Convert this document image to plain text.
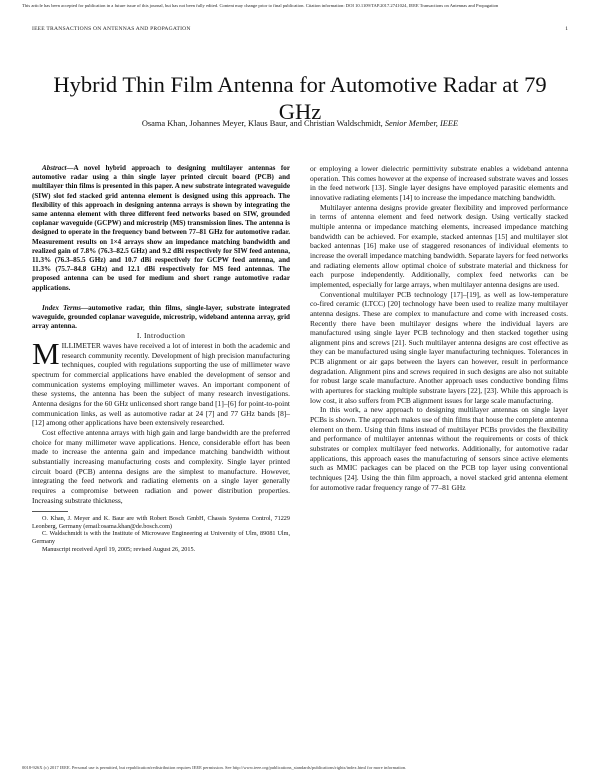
This article has been accepted for publication in a future issue of this journal, but has not been fully edited. Content may change prior to final publication. Citation information: DOI 10.1109/TAP.2017.2741024, IEEE Transactions on Antennas and Propagation
IEEE TRANSACTIONS ON ANTENNAS AND PROPAGATION	1
Hybrid Thin Film Antenna for Automotive Radar at 79 GHz
Osama Khan, Johannes Meyer, Klaus Baur, and Christian Waldschmidt, Senior Member, IEEE

Abstract—A novel hybrid approach to designing multilayer antennas for automotive radar using a thin single layer printed circuit board (PCB) and multilayer thin films is presented in this paper. A new substrate integrated waveguide (SIW) slot fed stacked grid antenna element is designed using this approach. The flexibility of this approach in designing antenna arrays is shown by integrating the same antenna element with three different feed networks based on SIW, grounded coplanar waveguide (GCPW) and microstrip (MS) transmission lines. The antenna is designed to operate in the frequency band between 77–81 GHz for automotive radar. Measurement results on 1×4 arrays show an impedance matching bandwidth and realized gain of 7.8% (76.3–82.5 GHz) and 9.2 dBi respectively for SIW feed antenna, 11.3% (76.3–85.5 GHz) and 10.7 dBi respectively for GCPW feed antenna, and 11.3% (75.7–84.8 GHz) and 12.1 dBi respectively for MS feed antennas. The proposed antenna can be used for medium and short range automotive radar applications.

Index Terms—automotive radar, thin films, single-layer, substrate integrated waveguide, grounded coplanar waveguide, microstrip, wideband antenna array, grid array antenna.

I. Introduction

MILLIMETER waves have received a lot of interest in both the academic and research community recently. Development of high precision manufacturing techniques, coupled with regulations supporting the use of millimeter wave spectrum for commercial applications have enabled the development of sensor and communication systems employing millimeter waves. An important component of these systems, the antenna has been the subject of many research investigations. Antenna designs for the 60 GHz unlicensed short range band [1]–[6] for point-to-point communication links, as well as automotive radar at 24 [7] and 77 GHz bands [8]–[12] among other applications have been extensively researched.

Cost effective antenna arrays with high gain and large bandwidth are the preferred choice for many millimeter wave applications. Hence, considerable effort has been made to increase the antenna gain and impedance matching bandwidth without substantially increasing manufacturing costs and complexity. Single layer printed circuit board (PCB) antenna designs are the simplest to manufacture. However, integrating the feed network and radiating elements on a single layer generally requires a compromise between radiation and power distribution properties. Increasing substrate thickness,

O. Khan, J. Meyer and K. Baur are with Robert Bosch GmbH, Chassis Systems Control, 71229 Leonberg, Germany (email:osama.khan@de.bosch.com)

C. Waldschmidt is with the Institute of Microwave Engineering at University of Ulm, 89081 Ulm, Germany

Manuscript received April 19, 2005; revised August 26, 2015.

or employing a lower dielectric permittivity substrate enables a wideband antenna operation. This comes however at the expense of increased substrate waves and losses in the feed network [13]. Single layer designs have employed parasitic elements and innovative radiating elements [14] to increase the impedance matching bandwidth.

Multilayer antenna designs provide greater flexibility and improved performance in terms of antenna element and feed network design. Using vertically stacked multiple antenna or impedance matching elements, increased impedance matching bandwidth can be achieved. For example, stacked antennas [15] and multilayer slot backed antennas [16] make use of staggered resonances of individual elements to increase the overall impedance matching bandwidth. Separate layers for feed networks and radiating elements allow optimal choice of substrate material and thickness for each purpose independently. Additionally, complex feed networks can be implemented, especially for large arrays, when multilayer antenna designs are used.

Conventional multilayer PCB technology [17]–[19], as well as low-temperature co-fired ceramic (LTCC) [20] technology have been used to realize many multilayer antenna designs. These are complex to manufacture and come with increased costs. Recently there have been multilayer designs where the individual layers are manufactured using single layer PCB technology and then stacked together using alignment pins and screws [21]. Such multilayer antenna designs are cost effective as they can be manufactured using single layer manufacturing techniques. Tolerances in PCB alignment or air gaps between the layers can however, result in performance degradation. Alignment pins and screws required in such designs are also not suitable for robust large scale manufacture. Another approach uses conductive bonding films with apertures for stacking multiple substrate layers [22], [23]. While this approach is low cost, it also suffers from PCB alignment issues for large scale manufacturing.

In this work, a new approach to designing multilayer antennas on single layer PCBs is shown. The approach makes use of thin films that house the complete antenna element on them. Using thin films instead of multilayer PCBs provides the flexibility and performance of multilayer antennas without the requirements or costs of thick substrates or complex multilayer feed networks. Additionally, for automotive radar applications, this approach eases the manufacturing of sensors since active elements such as MMIC packages can be placed on the PCB top layer using conventional techniques [24]. Using the thin film approach, a novel stacked grid antenna element for automotive radar frequency range of 77–81 GHz

0018-926X (c) 2017 IEEE. Personal use is permitted, but republication/redistribution requires IEEE permission. See http://www.ieee.org/publications_standards/publications/rights/index.html for more information.
